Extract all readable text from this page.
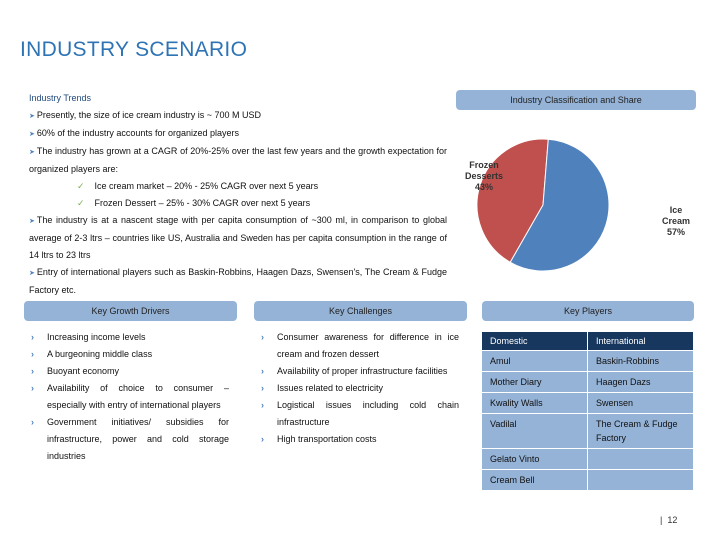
INDUSTRY SCENARIO
Industry Trends
➤ Presently, the size of ice cream industry is ~ 700 M USD
➤ 60% of the industry accounts for organized players
➤ The industry has grown at a CAGR of 20%-25% over the last few years and the growth expectation for organized players are:
✓ Ice cream market – 20% - 25% CAGR over next 5 years
✓ Frozen Dessert – 25% - 30% CAGR over next 5 years
➤ The industry is at a nascent stage with per capita consumption of ~300 ml, in comparison to global average of 2-3 ltrs – countries like US, Australia and Sweden has per capita consumption in the range of 14 ltrs to 23 ltrs
➤ Entry of international players such as Baskin-Robbins, Haagen Dazs, Swensen's, The Cream & Fudge Factory etc.
Industry Classification and Share
Frozen Desserts
43%
Ice Cream
57%
Key Growth Drivers
› Increasing income levels
› A burgeoning middle class
› Buoyant economy
› Availability of choice to consumer – especially with entry of international players
› Government initiatives/ subsidies for infrastructure, power and cold storage industries
Key Challenges
› Consumer awareness for difference in ice cream and frozen dessert
› Availability of proper infrastructure facilities
› Issues related to electricity
› Logistical issues including cold chain infrastructure
› High transportation costs
Key Players
Domestic	International
Amul	Baskin-Robbins
Mother Diary	Haagen Dazs
Kwality Walls	Swensen
Vadilal	The Cream & Fudge Factory
Gelato Vinto	
Cream Bell	
|  12
